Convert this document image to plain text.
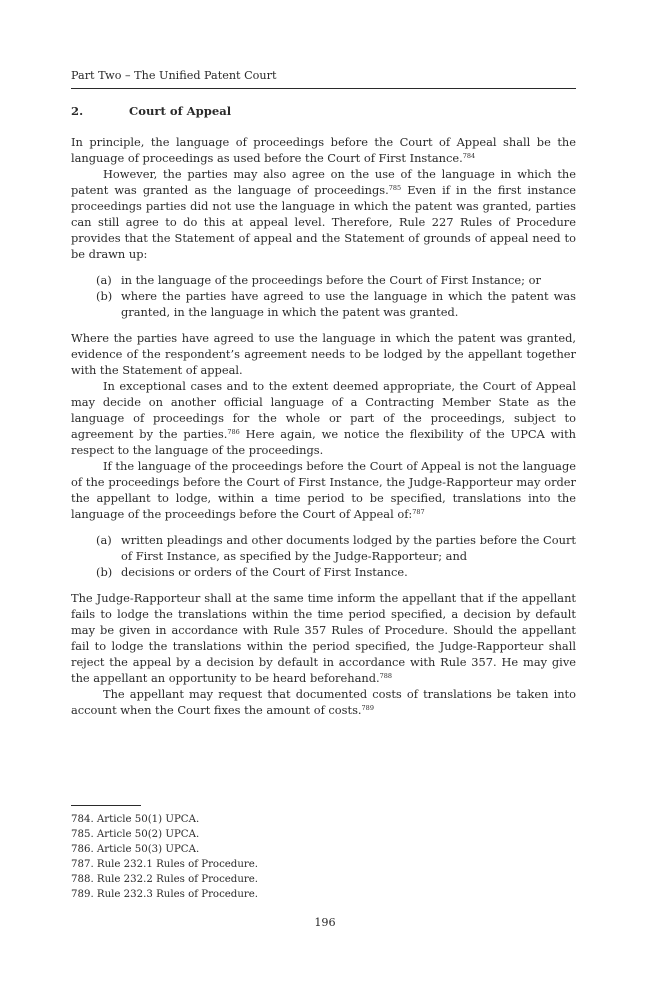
Part Two – The Unified Patent Court
2.	Court of Appeal

In principle, the language of proceedings before the Court of Appeal shall be the language of proceedings as used before the Court of First Instance.$^{784}$

However, the parties may also agree on the use of the language in which the patent was granted as the language of proceedings.$^{785}$ Even if in the first instance proceedings parties did not use the language in which the patent was granted, parties can still agree to do this at appeal level. Therefore, Rule 227 Rules of Procedure provides that the Statement of appeal and the Statement of grounds of appeal need to be drawn up:

(a) in the language of the proceedings before the Court of First Instance; or
(b) where the parties have agreed to use the language in which the patent was granted, in the language in which the patent was granted.

Where the parties have agreed to use the language in which the patent was granted, evidence of the respondent’s agreement needs to be lodged by the appellant together with the Statement of appeal.

In exceptional cases and to the extent deemed appropriate, the Court of Appeal may decide on another official language of a Contracting Member State as the language of proceedings for the whole or part of the proceedings, subject to agreement by the parties.$^{786}$ Here again, we notice the flexibility of the UPCA with respect to the language of the proceedings.

If the language of the proceedings before the Court of Appeal is not the language of the proceedings before the Court of First Instance, the Judge-Rapporteur may order the appellant to lodge, within a time period to be specified, translations into the language of the proceedings before the Court of Appeal of:$^{787}$

(a) written pleadings and other documents lodged by the parties before the Court of First Instance, as specified by the Judge-Rapporteur; and
(b) decisions or orders of the Court of First Instance.

The Judge-Rapporteur shall at the same time inform the appellant that if the appellant fails to lodge the translations within the time period specified, a decision by default may be given in accordance with Rule 357 Rules of Procedure. Should the appellant fail to lodge the translations within the period specified, the Judge-Rapporteur shall reject the appeal by a decision by default in accordance with Rule 357. He may give the appellant an opportunity to be heard beforehand.$^{788}$

The appellant may request that documented costs of translations be taken into account when the Court fixes the amount of costs.$^{789}$

784. Article 50(1) UPCA.
785. Article 50(2) UPCA.
786. Article 50(3) UPCA.
787. Rule 232.1 Rules of Procedure.
788. Rule 232.2 Rules of Procedure.
789. Rule 232.3 Rules of Procedure.
196
